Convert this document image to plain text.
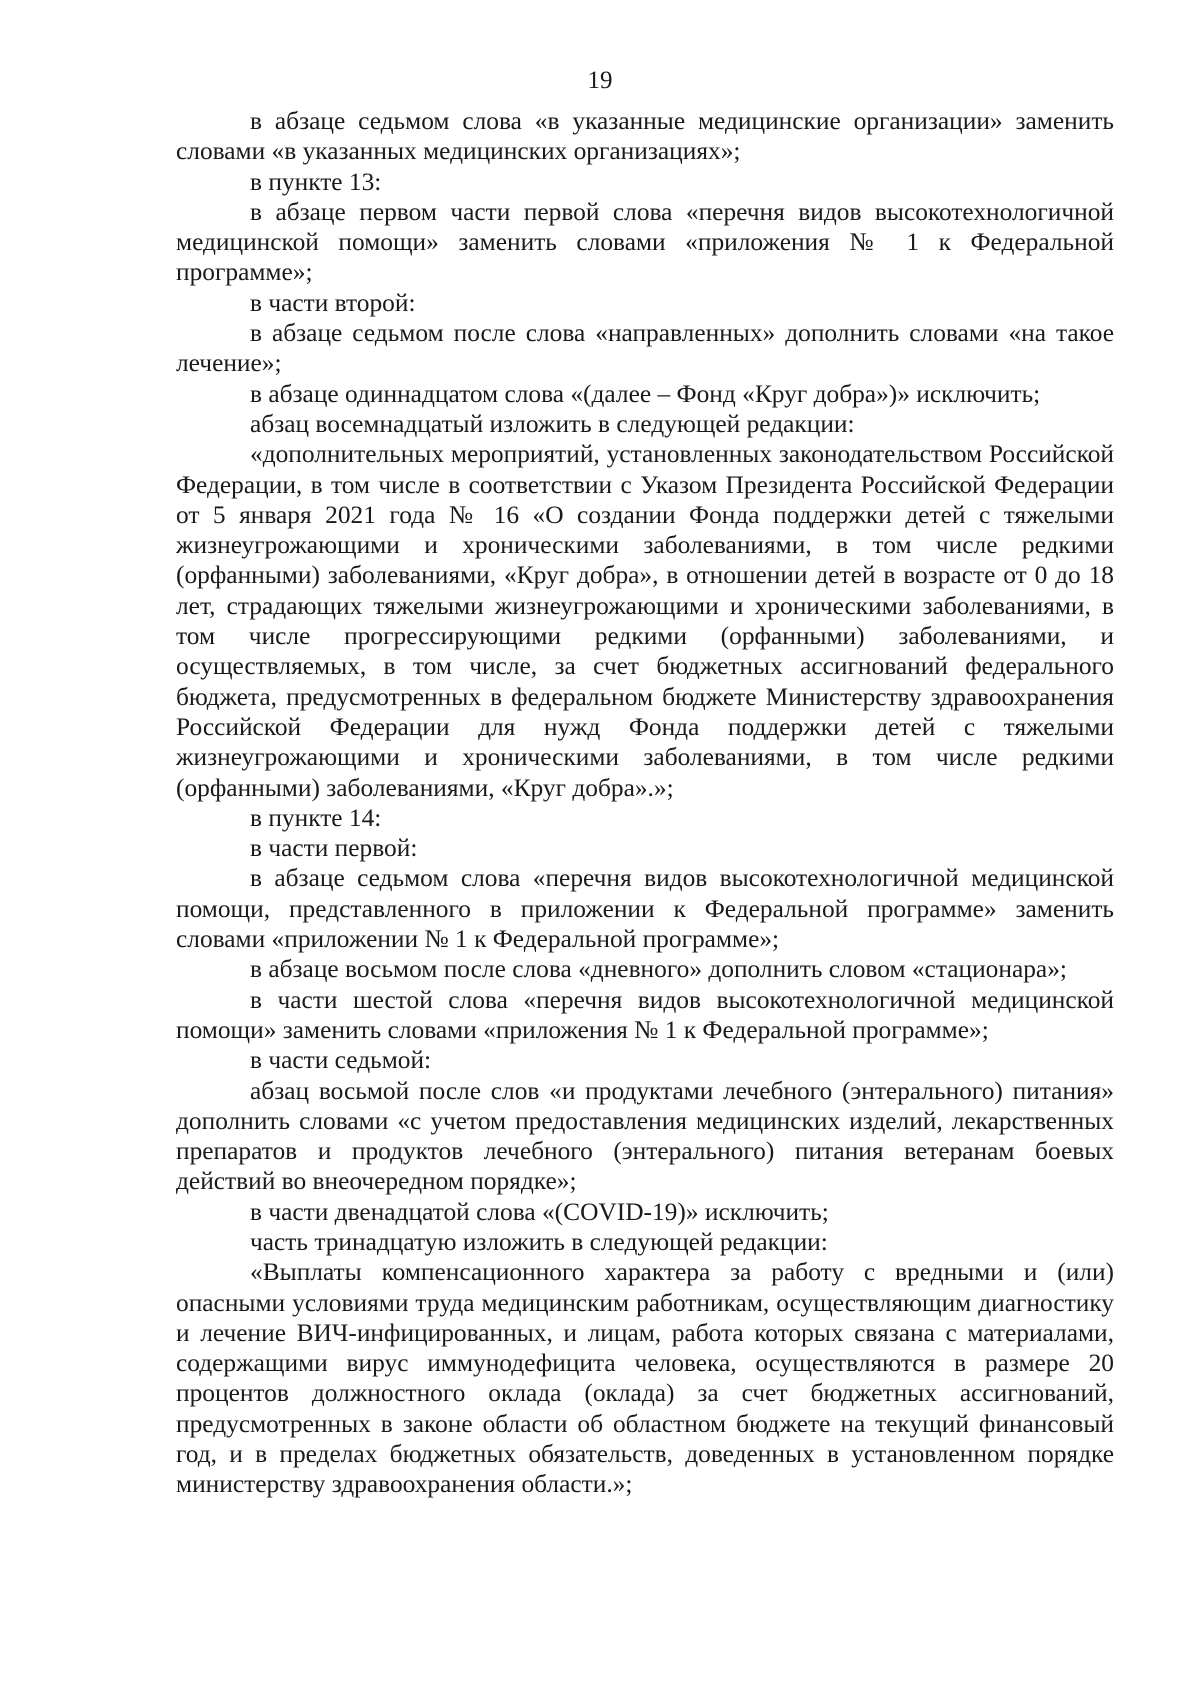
19

в абзаце седьмом слова «в указанные медицинские организации» заменить словами «в указанных медицинских организациях»;

в пункте 13:

в абзаце первом части первой слова «перечня видов высокотехнологичной медицинской помощи» заменить словами «приложения № 1 к Федеральной программе»;

в части второй:

в абзаце седьмом после слова «направленных» дополнить словами «на такое лечение»;

в абзаце одиннадцатом слова «(далее – Фонд «Круг добра»)» исключить;

абзац восемнадцатый изложить в следующей редакции:

«дополнительных мероприятий, установленных законодательством Российской Федерации, в том числе в соответствии с Указом Президента Российской Федерации от 5 января 2021 года № 16 «О создании Фонда поддержки детей с тяжелыми жизнеугрожающими и хроническими заболеваниями, в том числе редкими (орфанными) заболеваниями, «Круг добра», в отношении детей в возрасте от 0 до 18 лет, страдающих тяжелыми жизнеугрожающими и хроническими заболеваниями, в том числе прогрессирующими редкими (орфанными) заболеваниями, и осуществляемых, в том числе, за счет бюджетных ассигнований федерального бюджета, предусмотренных в федеральном бюджете Министерству здравоохранения Российской Федерации для нужд Фонда поддержки детей с тяжелыми жизнеугрожающими и хроническими заболеваниями, в том числе редкими (орфанными) заболеваниями, «Круг добра».»;

в пункте 14:

в части первой:

в абзаце седьмом слова «перечня видов высокотехнологичной медицинской помощи, представленного в приложении к Федеральной программе» заменить словами «приложении № 1 к Федеральной программе»;

в абзаце восьмом после слова «дневного» дополнить словом «стационара»;

в части шестой слова «перечня видов высокотехнологичной медицинской помощи» заменить словами «приложения № 1 к Федеральной программе»;

в части седьмой:

абзац восьмой после слов «и продуктами лечебного (энтерального) питания» дополнить словами «с учетом предоставления медицинских изделий, лекарственных препаратов и продуктов лечебного (энтерального) питания ветеранам боевых действий во внеочередном порядке»;

в части двенадцатой слова «(COVID-19)» исключить;

часть тринадцатую изложить в следующей редакции:

«Выплаты компенсационного характера за работу с вредными и (или) опасными условиями труда медицинским работникам, осуществляющим диагностику и лечение ВИЧ-инфицированных, и лицам, работа которых связана с материалами, содержащими вирус иммунодефицита человека, осуществляются в размере 20 процентов должностного оклада (оклада) за счет бюджетных ассигнований, предусмотренных в законе области об областном бюджете на текущий финансовый год, и в пределах бюджетных обязательств, доведенных в установленном порядке министерству здравоохранения области.»;
